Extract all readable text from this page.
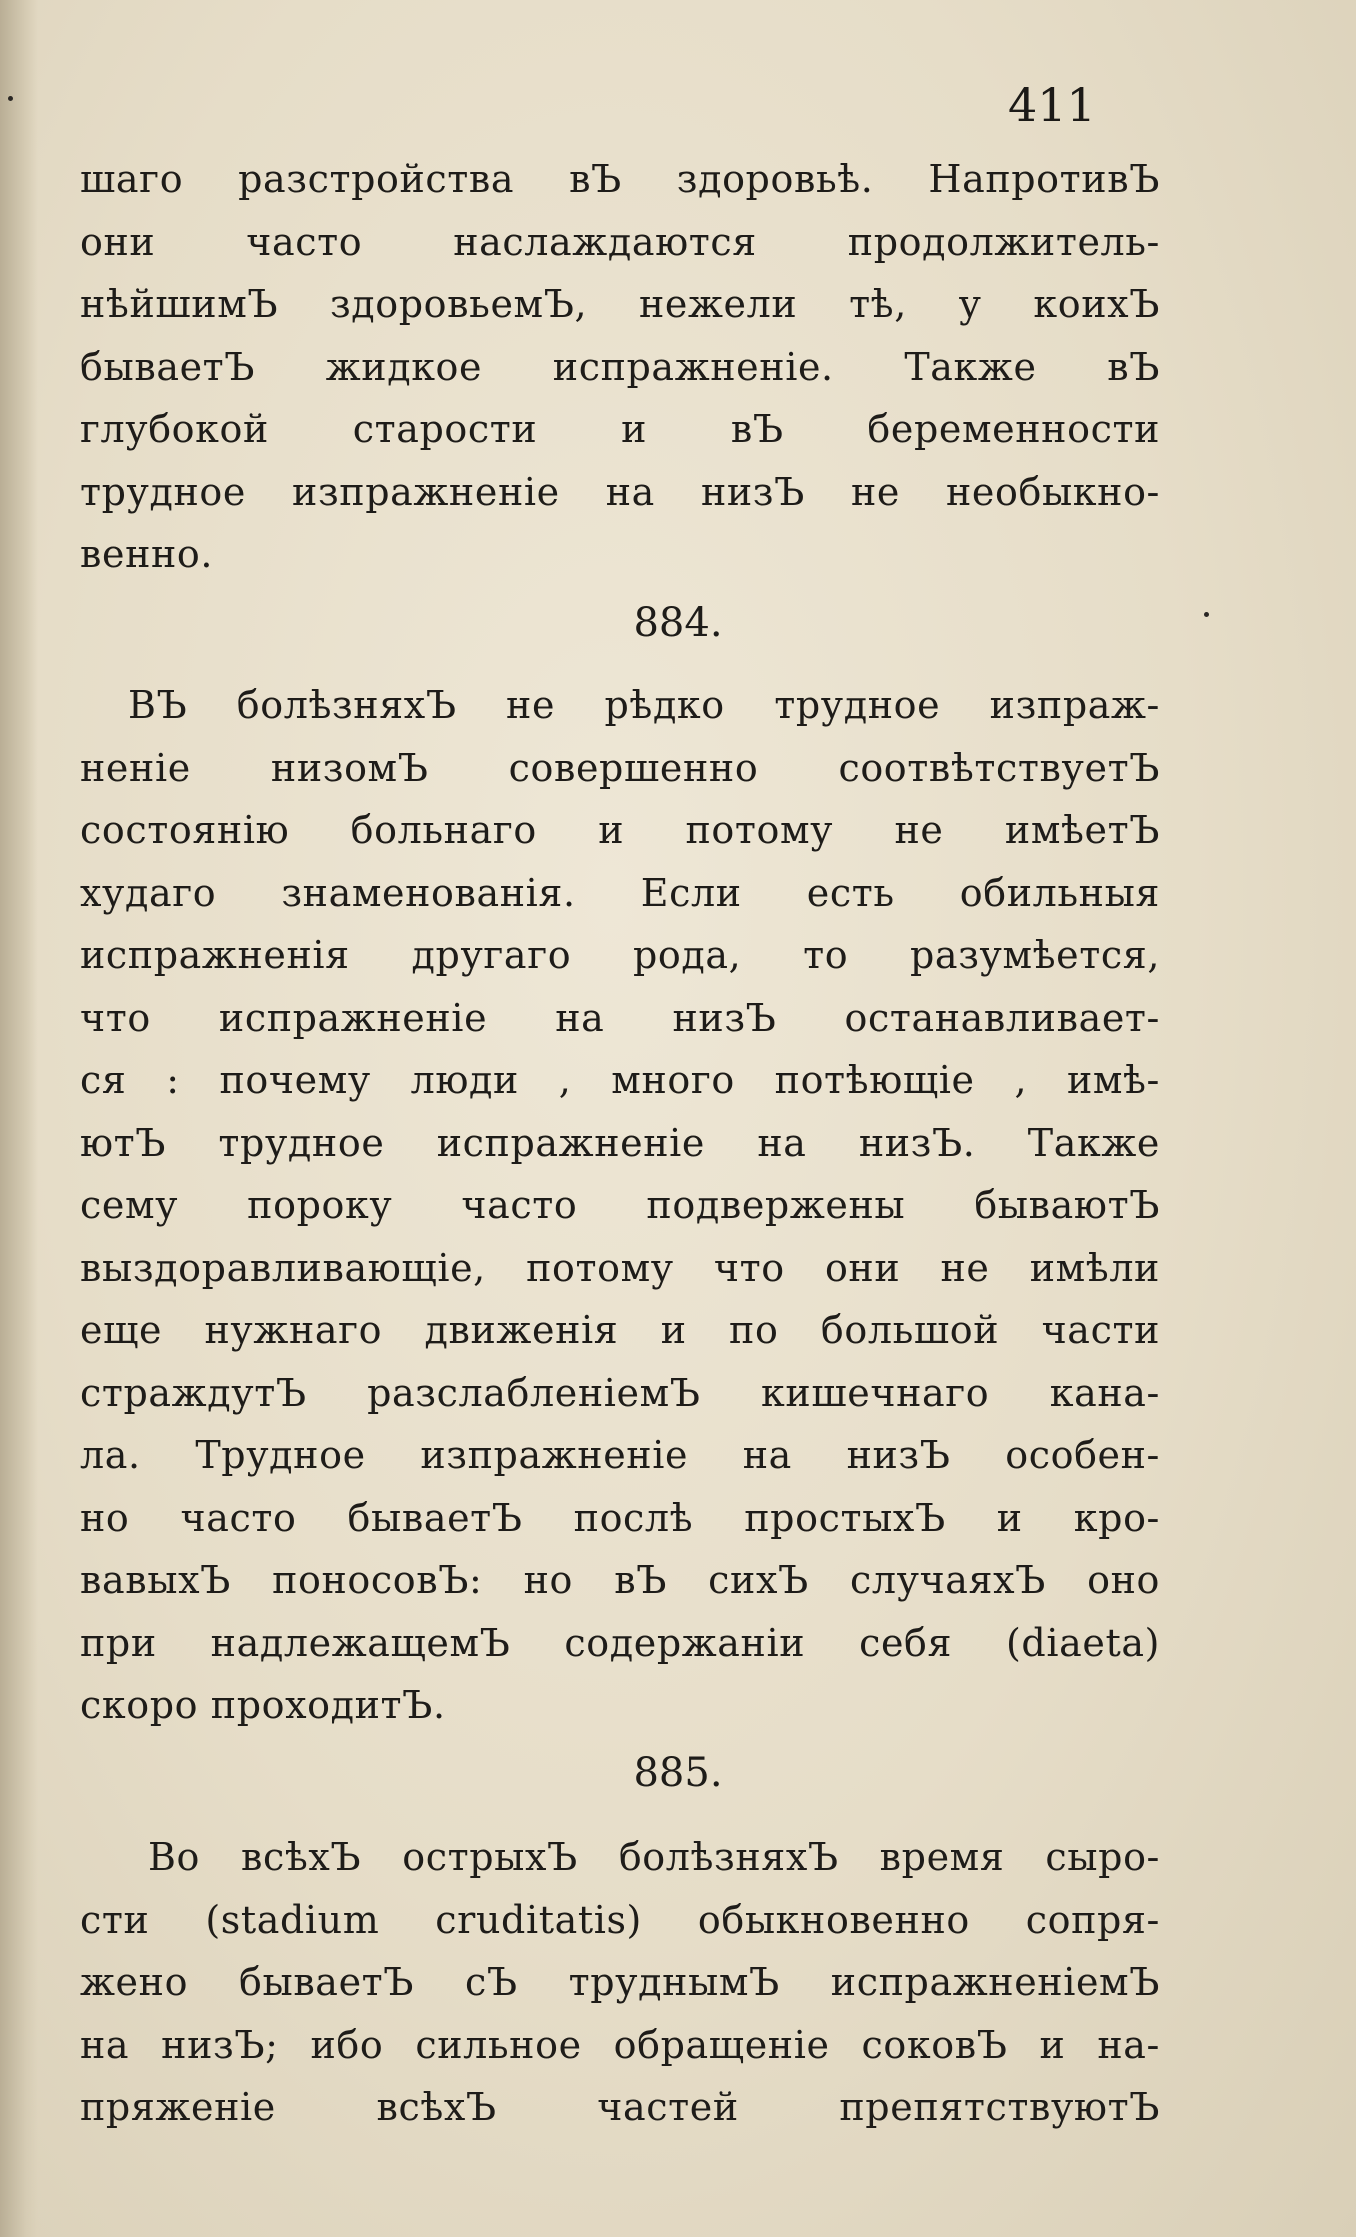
411
шаго разстройства вЪ здоровьѣ. НапротивЪ
они часто наслаждаются продолжитель-
нѣйшимЪ здоровьемЪ, нежели тѣ, у коихЪ
бываетЪ жидкое испражненіе. Также вЪ
глубокой старости и вЪ беременности
трудное изпражненіе на низЪ не необыкно-
венно.
884.
ВЪ болѣзняхЪ не рѣдко трудное изпраж-
неніе низомЪ совершенно соотвѣтствуетЪ
состоянію больнаго и потому не имѣетЪ
худаго знаменованія. Если есть обильныя
испражненія другаго рода, то разумѣется,
что испражненіе на низЪ останавливает-
ся : почему люди , много потѣющіе , имѣ-
ютЪ трудное испражненіе на низЪ. Также
сему пороку часто подвержены бываютЪ
выздоравливающіе, потому что они не имѣли
еще нужнаго движенія и по большой части
страждутЪ разслабленіемЪ кишечнаго кана-
ла. Трудное изпражненіе на низЪ особен-
но часто бываетЪ послѣ простыхЪ и кро-
вавыхЪ поносовЪ: но вЪ сихЪ случаяхЪ оно
при надлежащемЪ содержаніи себя (diaeta)
скоро проходитЪ.
885.
Во всѣхЪ острыхЪ болѣзняхЪ время сыро-
сти (stadium cruditatis) обыкновенно сопря-
жено бываетЪ сЪ труднымЪ испражненіемЪ
на низЪ; ибо сильное обращеніе соковЪ и на-
пряженіе всѣхЪ частей препятствуютЪ
